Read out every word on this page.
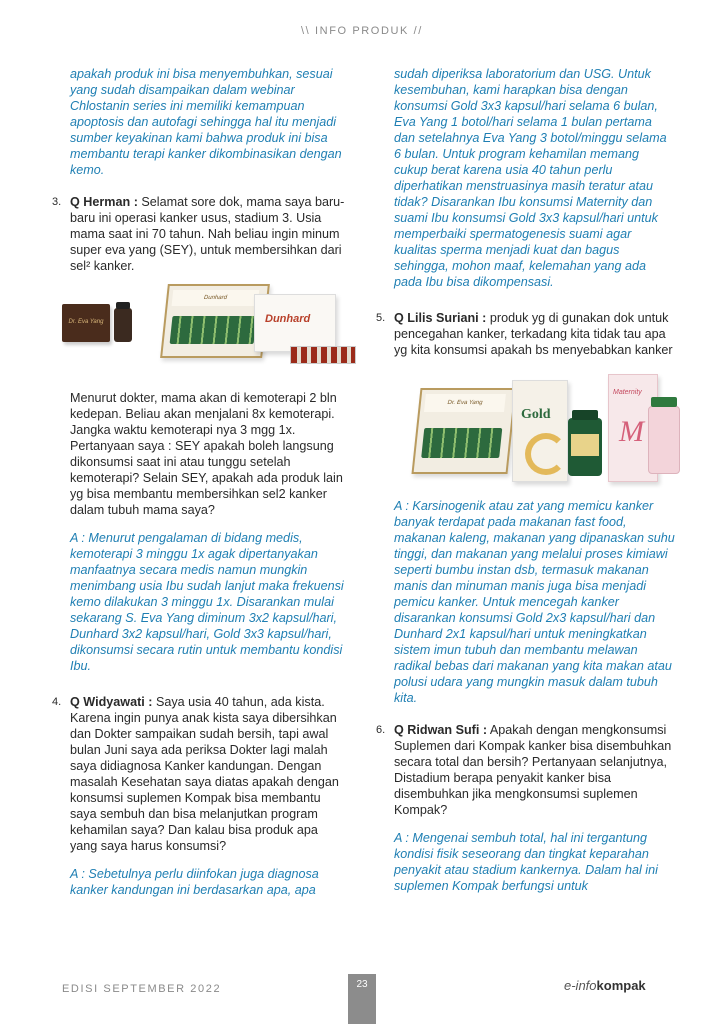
\\ INFO PRODUK //

apakah produk ini bisa menyembuhkan, sesuai yang sudah disampaikan dalam webinar Chlostanin series ini memiliki kemampuan apoptosis dan autofagi sehingga hal itu menjadi sumber keyakinan kami bahwa produk ini bisa membantu terapi kanker dikombinasikan dengan kemo.

3. Q Herman : Selamat sore dok, mama saya baru-baru ini operasi kanker usus, stadium 3. Usia mama saat ini 70 tahun. Nah beliau ingin minum super eva yang (SEY), untuk membersihkan dari sel² kanker.

Dr. Eva Yang
Dunhard
Dunhard

Menurut dokter, mama akan di kemoterapi 2 bln kedepan. Beliau akan menjalani 8x kemoterapi. Jangka waktu kemoterapi nya 3 mgg 1x. Pertanyaan saya : SEY apakah boleh langsung dikonsumsi saat ini atau tunggu setelah kemoterapi? Selain SEY, apakah ada produk lain yg bisa membantu membersihkan sel2 kanker dalam tubuh mama saya?

A : Menurut pengalaman di bidang medis, kemoterapi 3 minggu 1x agak dipertanyakan manfaatnya secara medis namun mungkin menimbang usia Ibu sudah lanjut maka frekuensi kemo dilakukan 3 minggu 1x. Disarankan mulai sekarang S. Eva Yang diminum 3x2 kapsul/hari, Dunhard 3x2 kapsul/hari, Gold 3x3 kapsul/hari, dikonsumsi secara rutin untuk membantu kondisi Ibu.

4. Q Widyawati : Saya usia 40 tahun, ada kista. Karena ingin punya anak kista saya dibersihkan dan Dokter sampaikan sudah bersih, tapi awal bulan Juni saya ada periksa Dokter lagi malah saya didiagnosa Kanker kandungan. Dengan masalah Kesehatan saya diatas apakah dengan konsumsi suplemen Kompak bisa membantu saya sembuh dan bisa melanjutkan program kehamilan saya? Dan kalau bisa produk apa yang saya harus konsumsi?

A : Sebetulnya perlu diinfokan juga diagnosa kanker kandungan ini berdasarkan apa, apa

sudah diperiksa laboratorium dan USG. Untuk kesembuhan, kami harapkan bisa dengan konsumsi Gold 3x3 kapsul/hari selama 6 bulan, Eva Yang 1 botol/hari selama 1 bulan pertama dan setelahnya Eva Yang 3 botol/minggu selama 6 bulan. Untuk program kehamilan memang cukup berat karena usia 40 tahun perlu diperhatikan menstruasinya masih teratur atau tidak? Disarankan Ibu konsumsi Maternity dan suami Ibu konsumsi Gold 3x3 kapsul/hari untuk memperbaiki spermatogenesis suami agar kualitas sperma menjadi kuat dan bagus sehingga, mohon maaf, kelemahan yang ada pada Ibu bisa dikompensasi.

5. Q Lilis Suriani : produk yg di gunakan dok untuk pencegahan kanker, terkadang kita tidak tau apa yg kita konsumsi apakah bs menyebabkan kanker

Dr. Eva Yang
Gold
Maternity
M

A : Karsinogenik atau zat yang memicu kanker banyak terdapat pada makanan fast food, makanan kaleng, makanan yang dipanaskan suhu tinggi, dan makanan yang melalui proses kimiawi seperti bumbu instan dsb, termasuk makanan manis dan minuman manis juga bisa menjadi pemicu kanker. Untuk mencegah kanker disarankan konsumsi Gold 2x3 kapsul/hari dan Dunhard 2x1 kapsul/hari untuk meningkatkan sistem imun tubuh dan membantu melawan radikal bebas dari makanan yang kita makan atau polusi udara yang mungkin masuk dalam tubuh kita.

6. Q Ridwan Sufi : Apakah dengan mengkonsumsi Suplemen dari Kompak kanker bisa disembuhkan secara total dan bersih? Pertanyaan selanjutnya, Distadium berapa penyakit kanker bisa disembuhkan jika mengkonsumsi suplemen Kompak?

A : Mengenai sembuh total, hal ini tergantung kondisi fisik seseorang dan tingkat keparahan penyakit atau stadium kankernya. Dalam hal ini suplemen Kompak berfungsi untuk

EDISI SEPTEMBER 2022	23	e-infokompak
